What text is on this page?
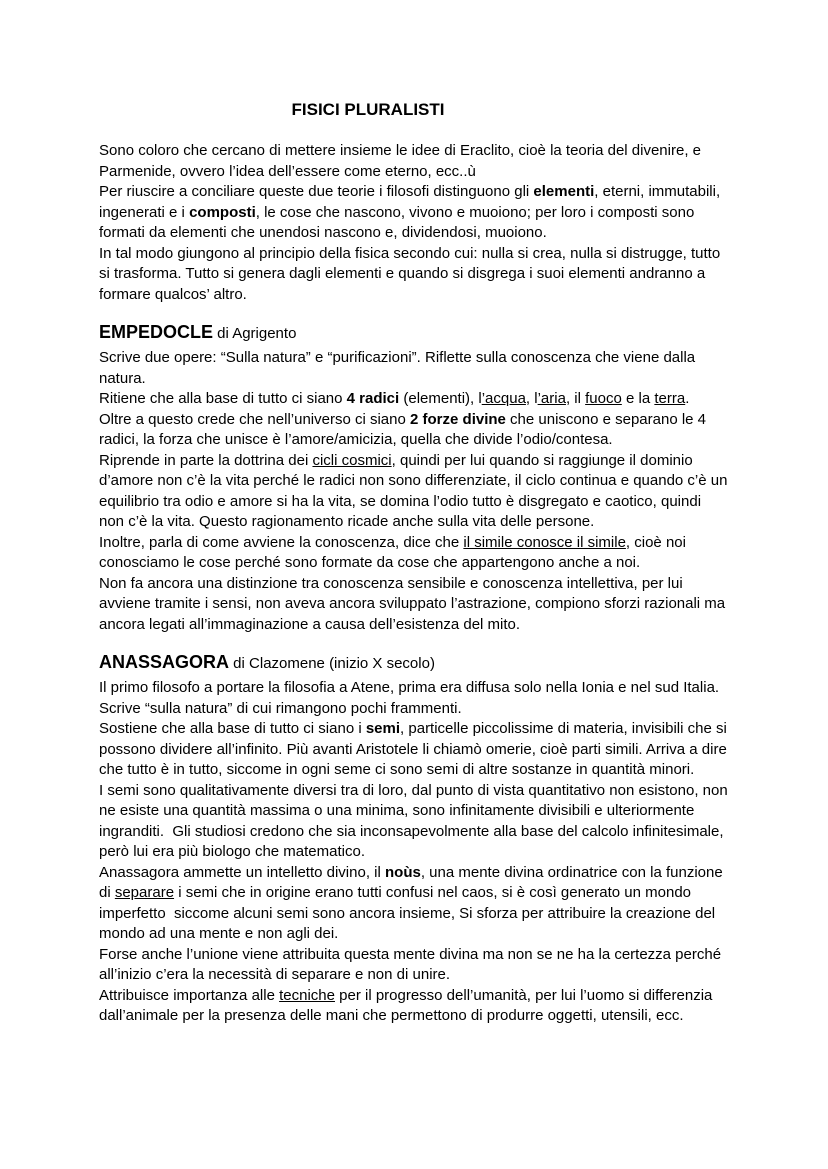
FISICI PLURALISTI
Sono coloro che cercano di mettere insieme le idee di Eraclito, cioè la teoria del divenire, e Parmenide, ovvero l’idea dell’essere come eterno, ecc..ù
Per riuscire a conciliare queste due teorie i filosofi distinguono gli elementi, eterni, immutabili, ingenerati e i composti, le cose che nascono, vivono e muoiono; per loro i composti sono formati da elementi che unendosi nascono e, dividendosi, muoiono.
In tal modo giungono al principio della fisica secondo cui: nulla si crea, nulla si distrugge, tutto si trasforma. Tutto si genera dagli elementi e quando si disgrega i suoi elementi andranno a formare qualcos’ altro.
EMPEDOCLE di Agrigento
Scrive due opere: “Sulla natura” e “purificazioni”. Riflette sulla conoscenza che viene dalla natura.
Ritiene che alla base di tutto ci siano 4 radici (elementi), l’acqua, l’aria, il fuoco e la terra.
Oltre a questo crede che nell’universo ci siano 2 forze divine che uniscono e separano le 4 radici, la forza che unisce è l’amore/amicizia, quella che divide l’odio/contesa.
Riprende in parte la dottrina dei cicli cosmici, quindi per lui quando si raggiunge il dominio d’amore non c’è la vita perché le radici non sono differenziate, il ciclo continua e quando c’è un equilibrio tra odio e amore si ha la vita, se domina l’odio tutto è disgregato e caotico, quindi non c’è la vita. Questo ragionamento ricade anche sulla vita delle persone.
Inoltre, parla di come avviene la conoscenza, dice che il simile conosce il simile, cioè noi conosciamo le cose perché sono formate da cose che appartengono anche a noi.
Non fa ancora una distinzione tra conoscenza sensibile e conoscenza intellettiva, per lui avviene tramite i sensi, non aveva ancora sviluppato l’astrazione, compiono sforzi razionali ma ancora legati all’immaginazione a causa dell’esistenza del mito.
ANASSAGORA di Clazomene (inizio X secolo)
Il primo filosofo a portare la filosofia a Atene, prima era diffusa solo nella Ionia e nel sud Italia. Scrive “sulla natura” di cui rimangono pochi frammenti.
Sostiene che alla base di tutto ci siano i semi, particelle piccolissime di materia, invisibili che si possono dividere all’infinito. Più avanti Aristotele li chiamò omerie, cioè parti simili. Arriva a dire che tutto è in tutto, siccome in ogni seme ci sono semi di altre sostanze in quantità minori.
I semi sono qualitativamente diversi tra di loro, dal punto di vista quantitativo non esistono, non ne esiste una quantità massima o una minima, sono infinitamente divisibili e ulteriormente ingranditi.  Gli studiosi credono che sia inconsapevolmente alla base del calcolo infinitesimale, però lui era più biologo che matematico.
Anassagora ammette un intelletto divino, il noùs, una mente divina ordinatrice con la funzione di separare i semi che in origine erano tutti confusi nel caos, si è così generato un mondo imperfetto  siccome alcuni semi sono ancora insieme, Si sforza per attribuire la creazione del mondo ad una mente e non agli dei.
Forse anche l’unione viene attribuita questa mente divina ma non se ne ha la certezza perché all’inizio c’era la necessità di separare e non di unire.
Attribuisce importanza alle tecniche per il progresso dell’umanità, per lui l’uomo si differenzia dall’animale per la presenza delle mani che permettono di produrre oggetti, utensili, ecc.
